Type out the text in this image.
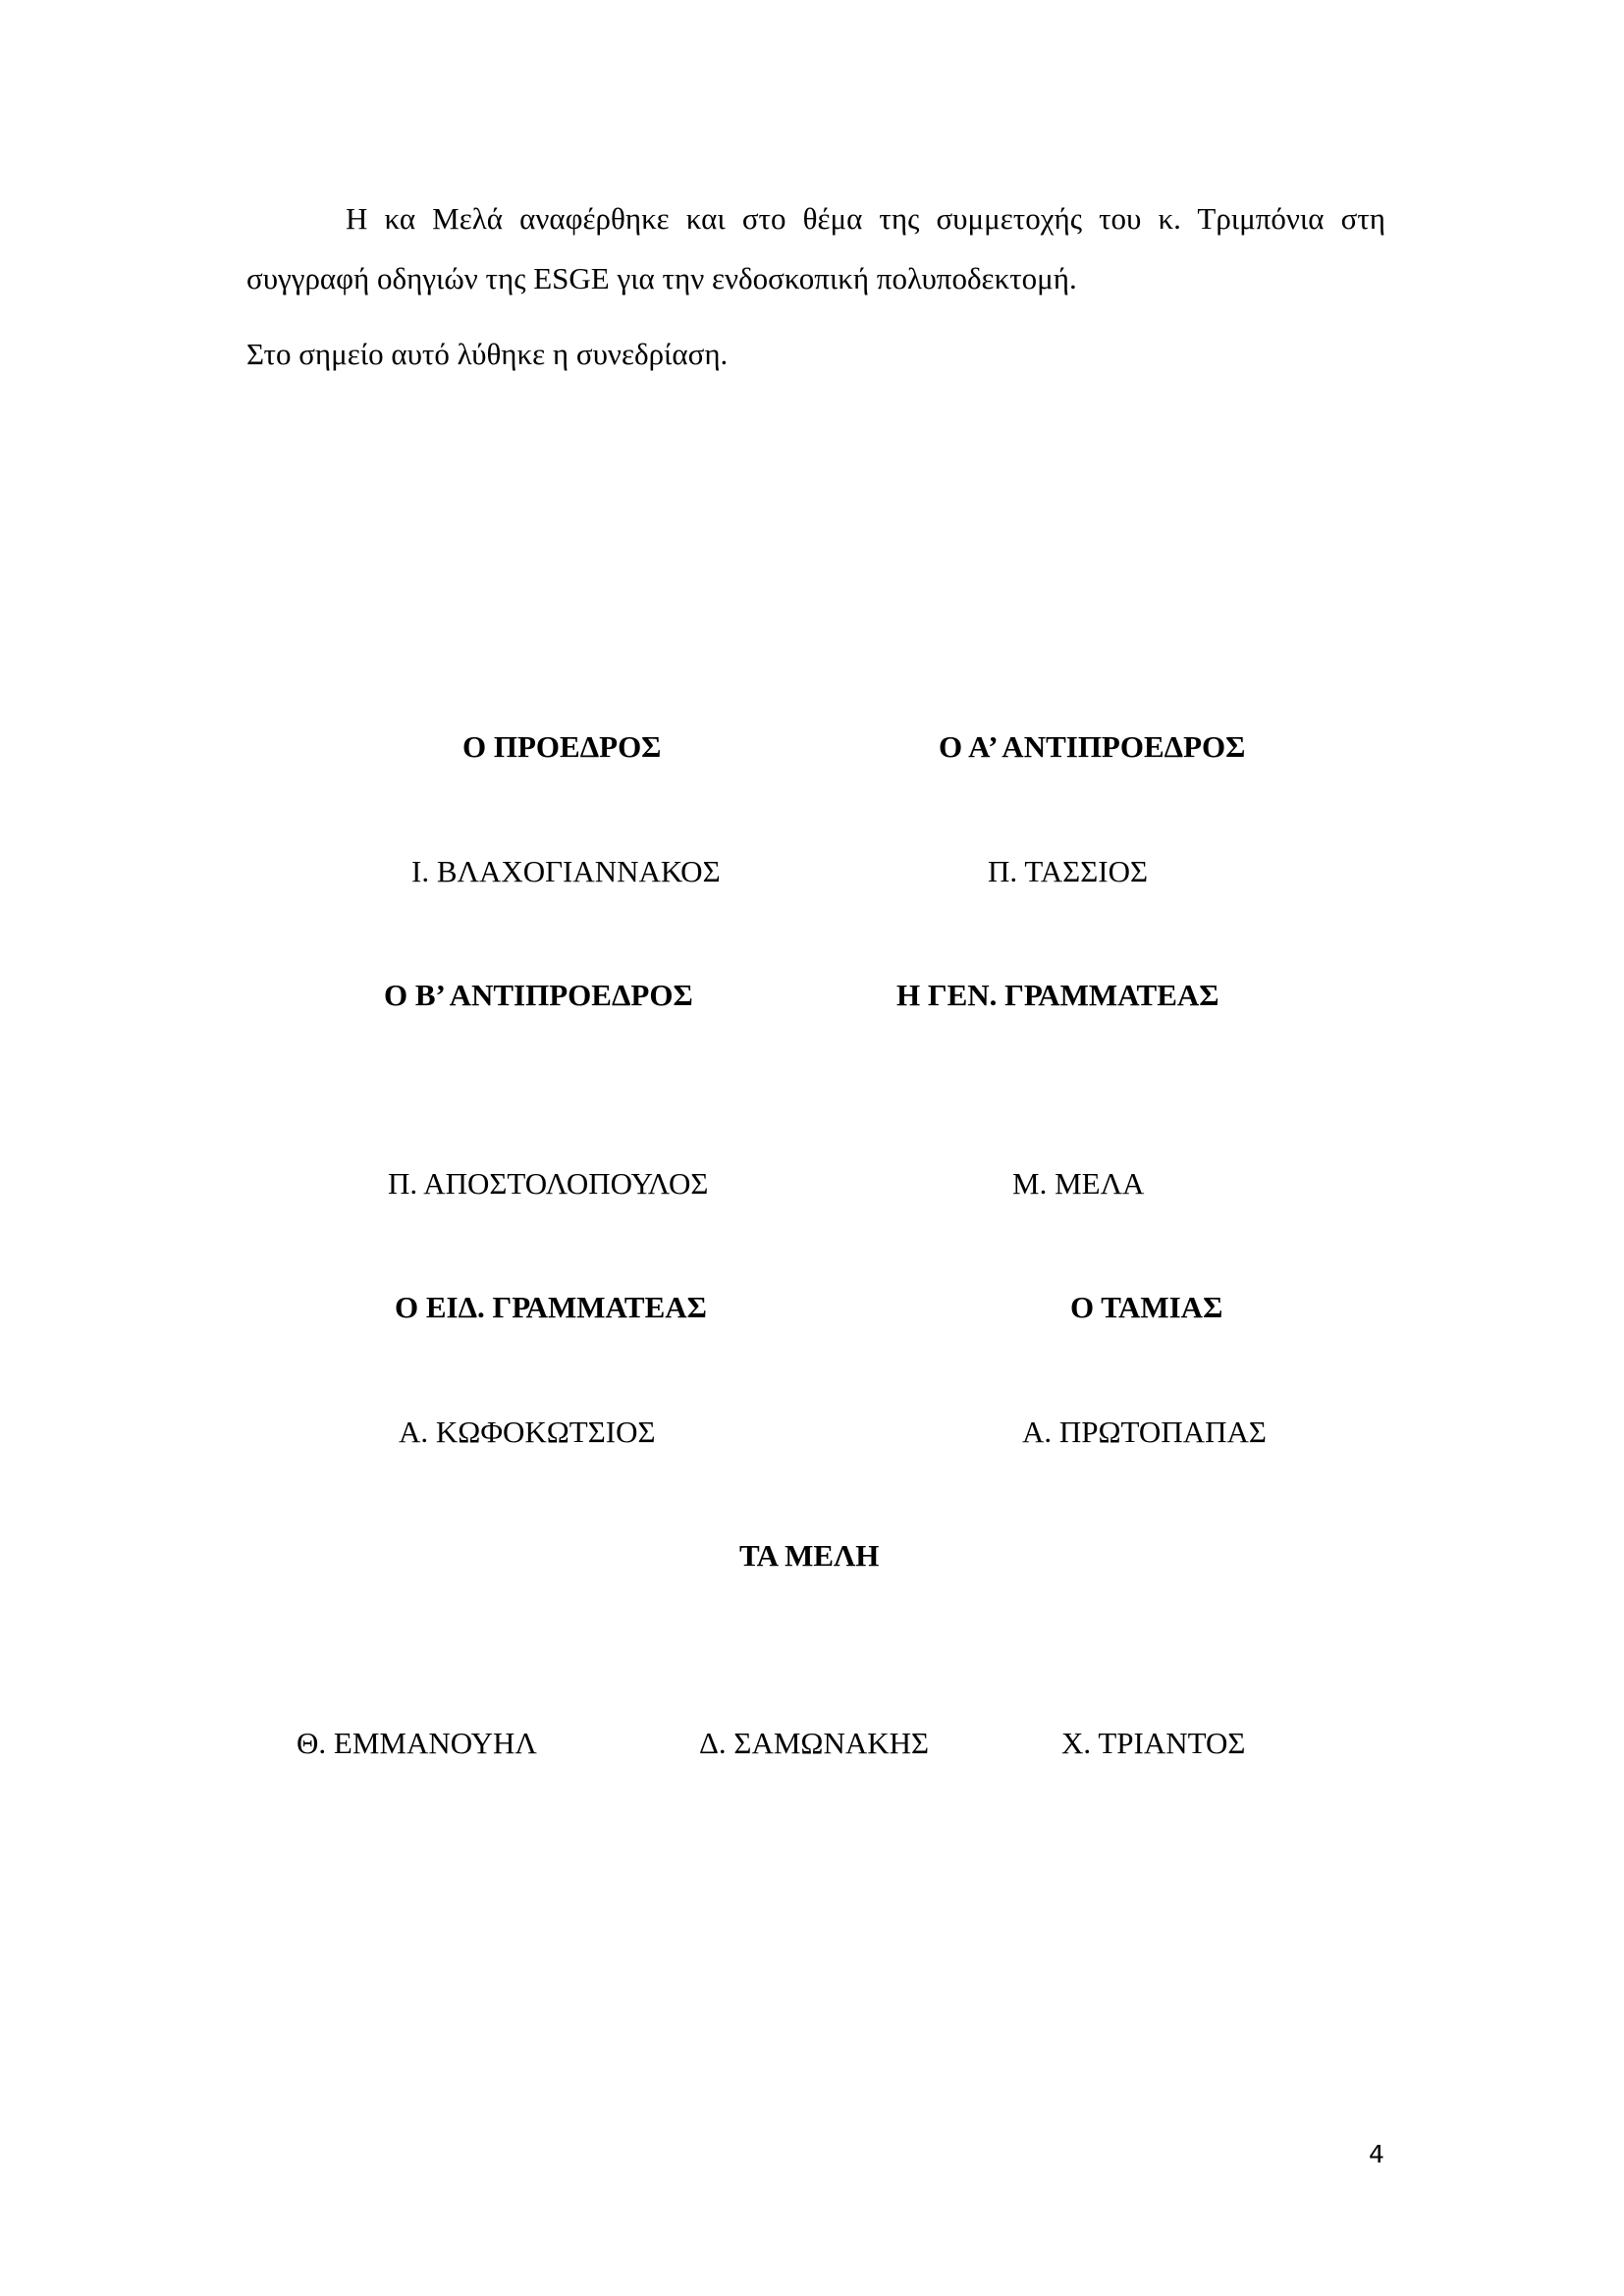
Η κα Μελά αναφέρθηκε και στο θέμα της συμμετοχής του κ. Τριμπόνια στη συγγραφή οδηγιών της ESGE για την ενδοσκοπική πολυποδεκτομή.

Στο σημείο αυτό λύθηκε η συνεδρίαση.

Ο ΠΡΟΕΔΡΟΣ	Ο Α’ ΑΝΤΙΠΡΟΕΔΡΟΣ
Ι. ΒΛΑΧΟΓΙΑΝΝΑΚΟΣ	Π. ΤΑΣΣΙΟΣ
Ο Β’ ΑΝΤΙΠΡΟΕΔΡΟΣ	Η ΓΕΝ. ΓΡΑΜΜΑΤΕΑΣ
Π. ΑΠΟΣΤΟΛΟΠΟΥΛΟΣ	Μ. ΜΕΛΑ
Ο ΕΙΔ. ΓΡΑΜΜΑΤΕΑΣ	Ο ΤΑΜΙΑΣ
Α. ΚΩΦΟΚΩΤΣΙΟΣ	Α. ΠΡΩΤΟΠΑΠΑΣ
ΤΑ ΜΕΛΗ
Θ. ΕΜΜΑΝΟΥΗΛ	Δ. ΣΑΜΩΝΑΚΗΣ	Χ. ΤΡΙΑΝΤΟΣ
4
